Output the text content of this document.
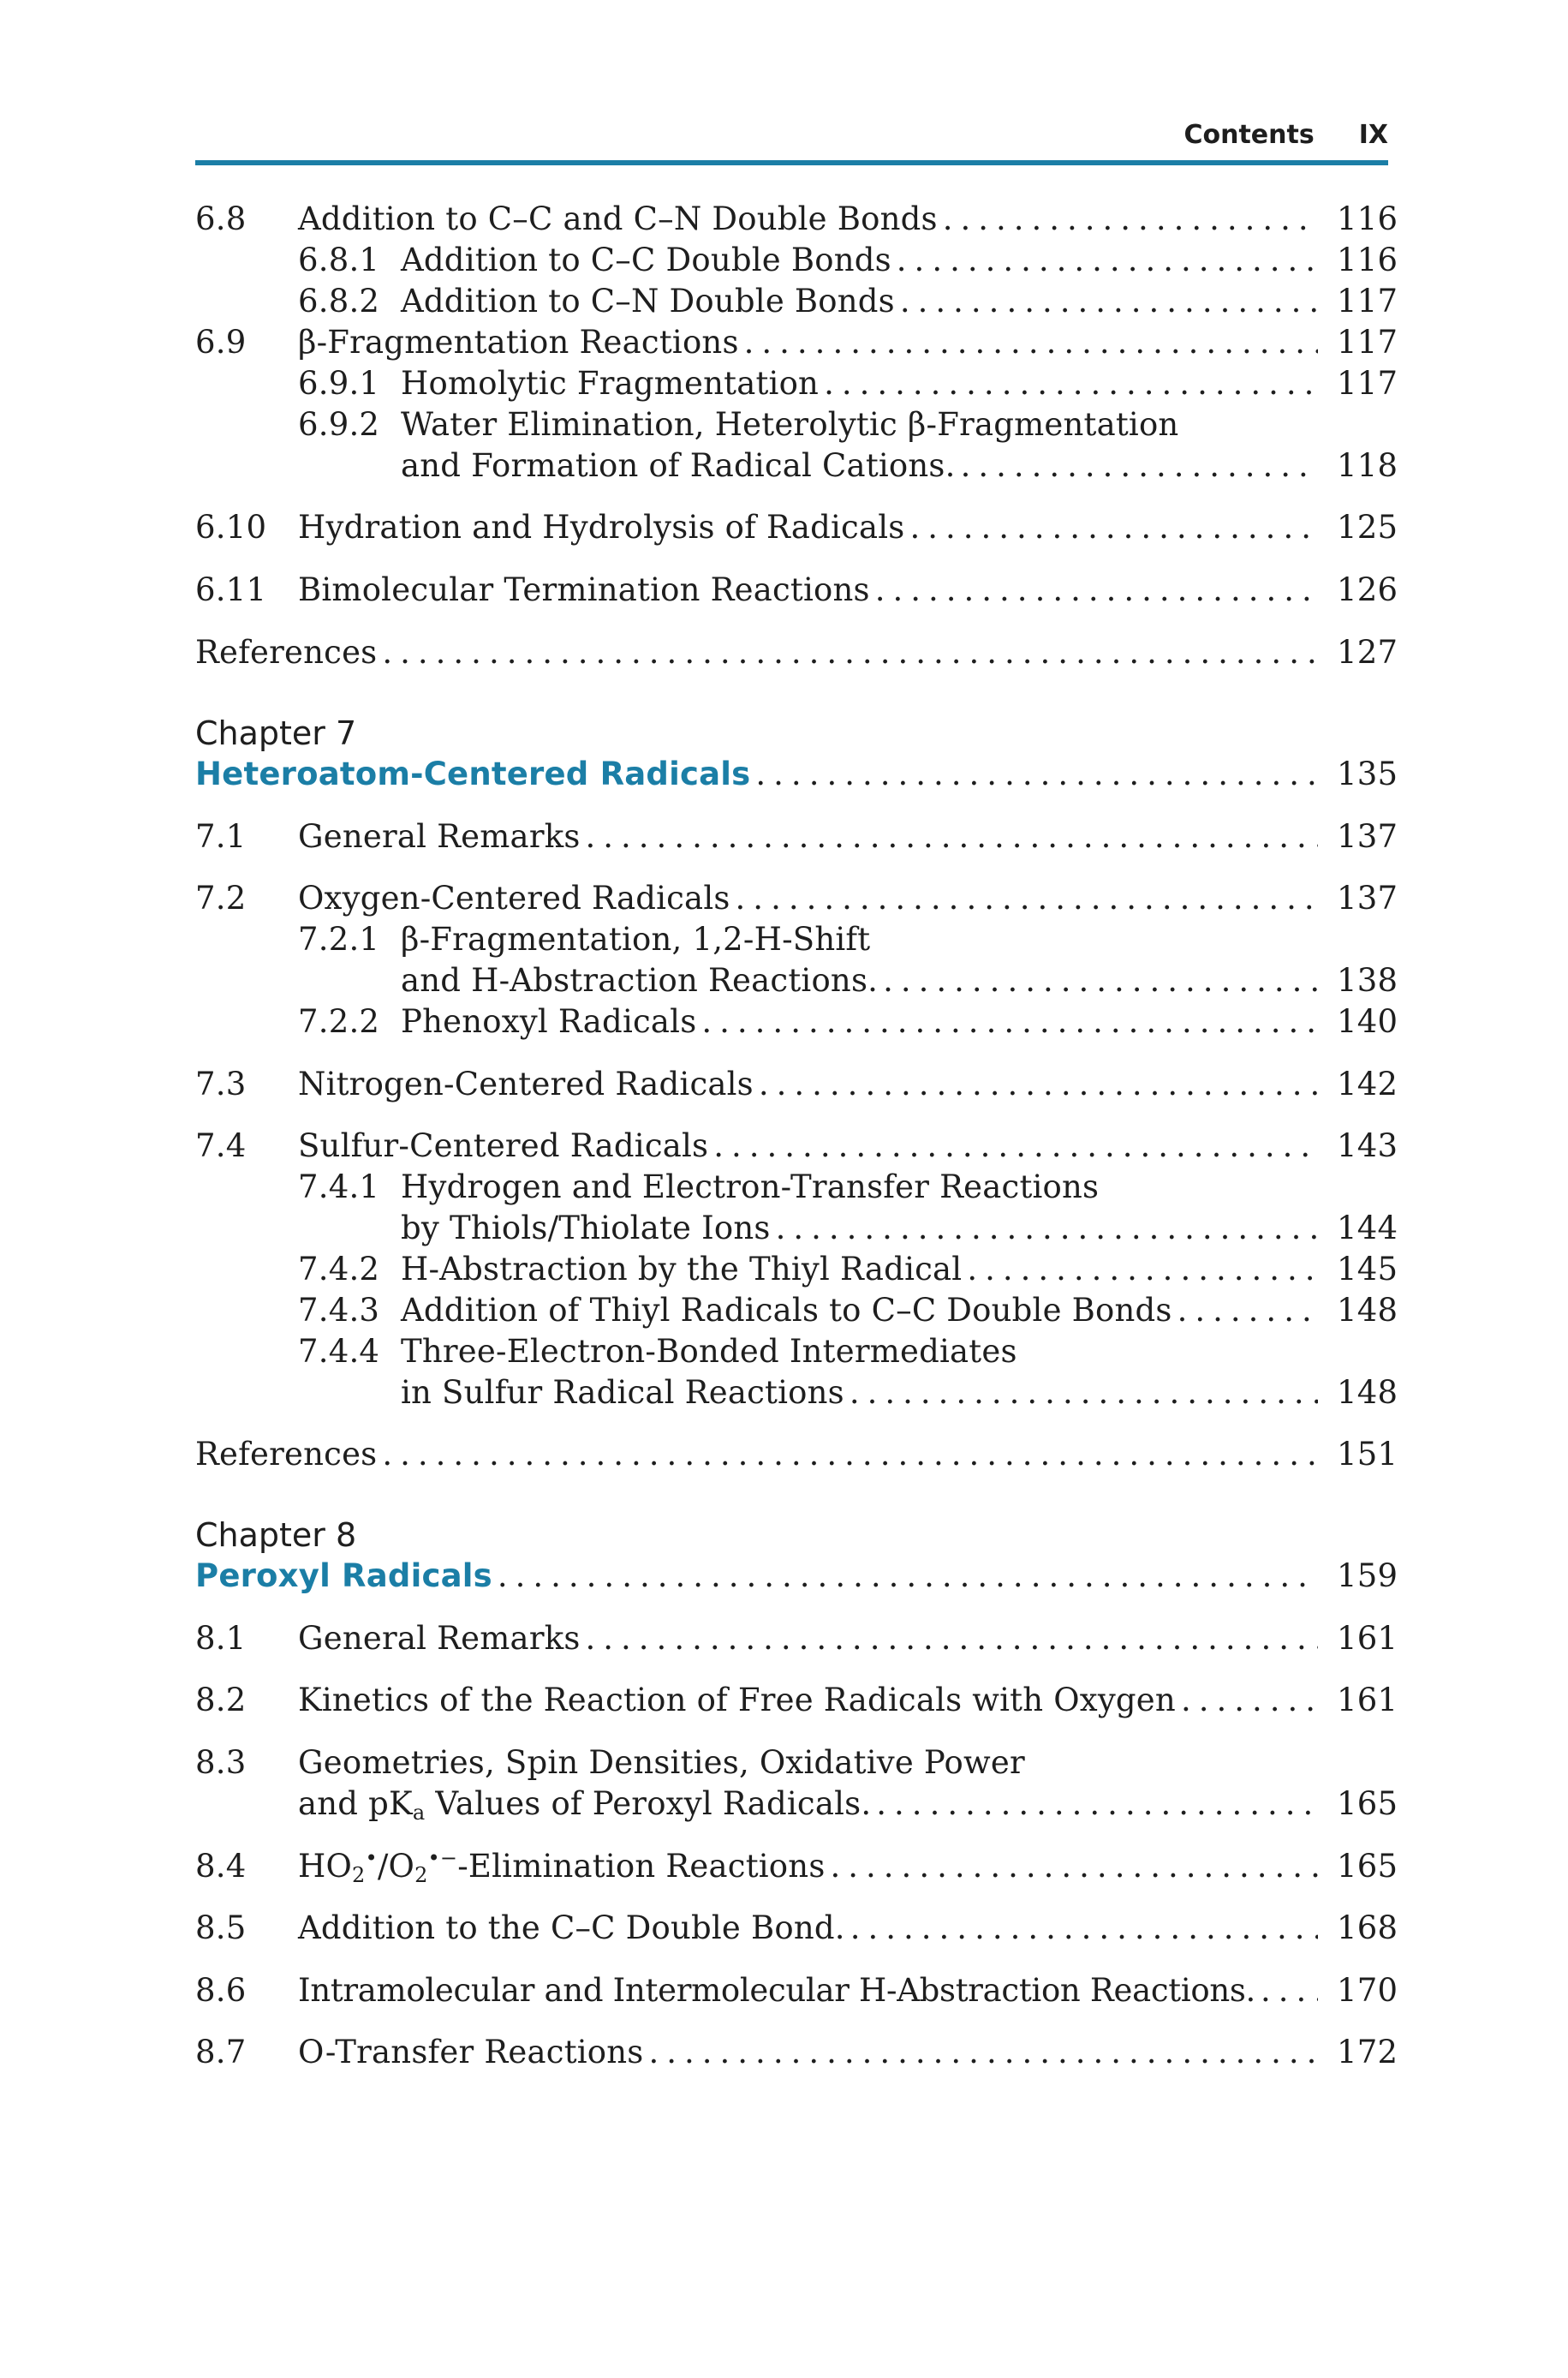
Contents IX
6.8	Addition to C–C and C–N Double Bonds .....	116
6.8.1 Addition to C–C Double Bonds .....	116
6.8.2 Addition to C–N Double Bonds .....	117
6.9	β-Fragmentation Reactions .....	117
6.9.1 Homolytic Fragmentation .....	117
6.9.2 Water Elimination, Heterolytic β-Fragmentation
and Formation of Radical Cations. .....	118
6.10 Hydration and Hydrolysis of Radicals .....	125
6.11 Bimolecular Termination Reactions .....	126
References .....	127
Chapter 7
Heteroatom-Centered Radicals .....	135
7.1	General Remarks .....	137
7.2	Oxygen-Centered Radicals .....	137
7.2.1 β-Fragmentation, 1,2-H-Shift
and H-Abstraction Reactions. .....	138
7.2.2 Phenoxyl Radicals .....	140
7.3	Nitrogen-Centered Radicals .....	142
7.4	Sulfur-Centered Radicals .....	143
7.4.1 Hydrogen and Electron-Transfer Reactions
by Thiols/Thiolate Ions .....	144
7.4.2 H-Abstraction by the Thiyl Radical .....	145
7.4.3 Addition of Thiyl Radicals to C–C Double Bonds .....	148
7.4.4 Three-Electron-Bonded Intermediates
in Sulfur Radical Reactions .....	148
References .....	151
Chapter 8
Peroxyl Radicals .....	159
8.1	General Remarks .....	161
8.2	Kinetics of the Reaction of Free Radicals with Oxygen .....	161
8.3	Geometries, Spin Densities, Oxidative Power
and $pK_a$ Values of Peroxyl Radicals. .....	165
8.4	$HO_2^•/O_2^{•-}$-Elimination Reactions .....	165
8.5	Addition to the C–C Double Bond. .....	168
8.6	Intramolecular and Intermolecular H-Abstraction Reactions. .....	170
8.7	O-Transfer Reactions .....	172
